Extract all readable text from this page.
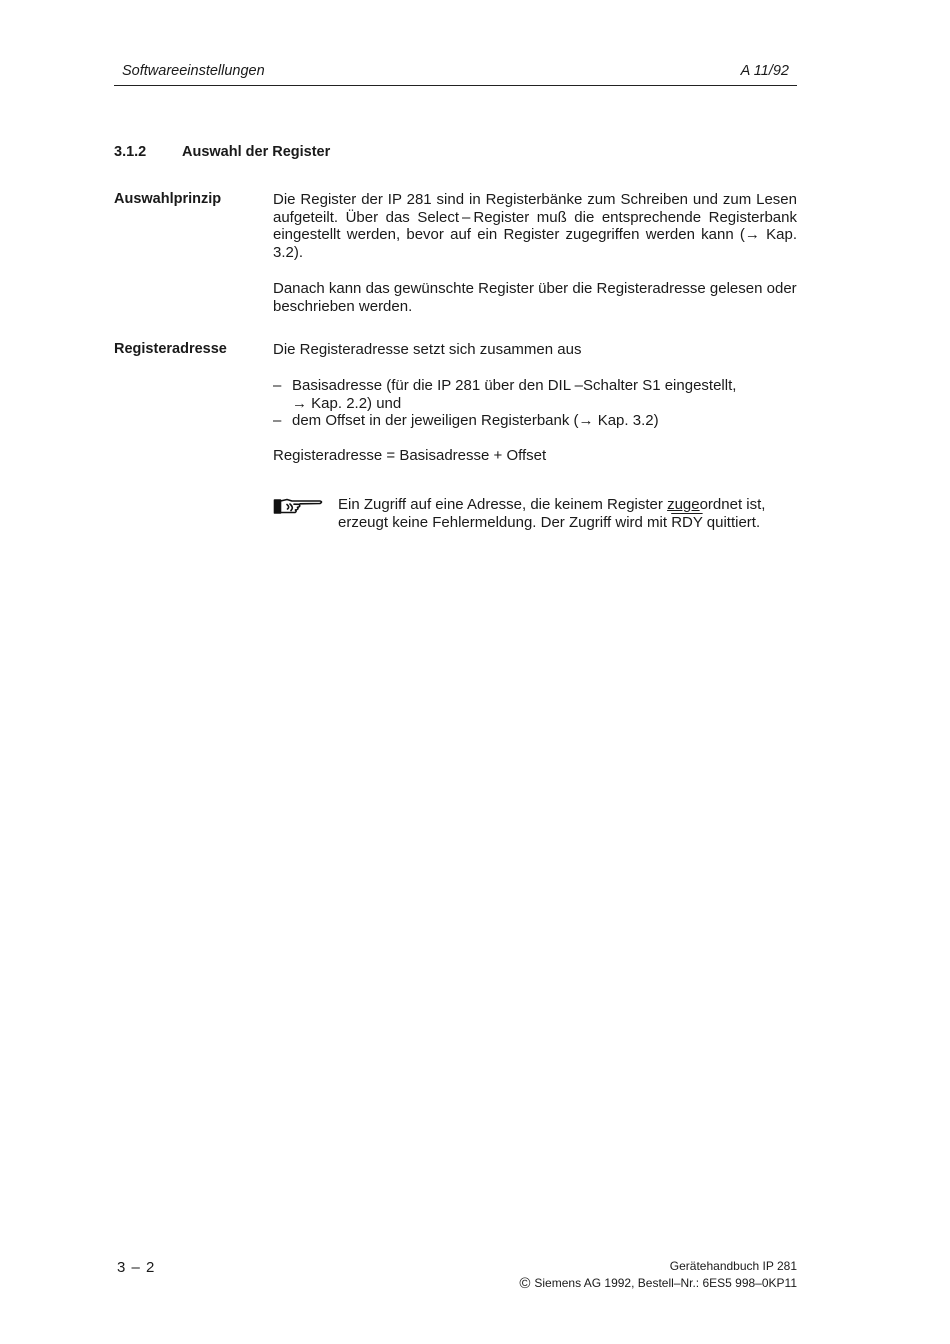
Softwareeinstellungen	A 11/92
3.1.2 Auswahl der Register
Auswahlprinzip	Die Register der IP 281 sind in Registerbänke zum Schreiben und zum Lesen aufgeteilt. Über das Select – Register muß die entsprechende Registerbank eingestellt werden, bevor auf ein Register zugegriffen werden kann (→ Kap. 3.2).
Danach kann das gewünschte Register über die Registeradresse gelesen oder beschrieben werden.
Registeradresse	Die Registeradresse setzt sich zusammen aus
– Basisadresse (für die IP 281 über den DIL –Schalter S1 eingestellt,
→ Kap. 2.2) und
– dem Offset in der jeweiligen Registerbank (→ Kap. 3.2)
Registeradresse = Basisadresse + Offset
Ein Zugriff auf eine Adresse, die keinem Register zugeordnet ist, erzeugt keine Fehlermeldung. Der Zugriff wird mit $\overline{RDY}$ quittiert.
3 – 2	Gerätehandbuch IP 281
© Siemens AG 1992, Bestell–Nr.: 6ES5 998–0KP11
